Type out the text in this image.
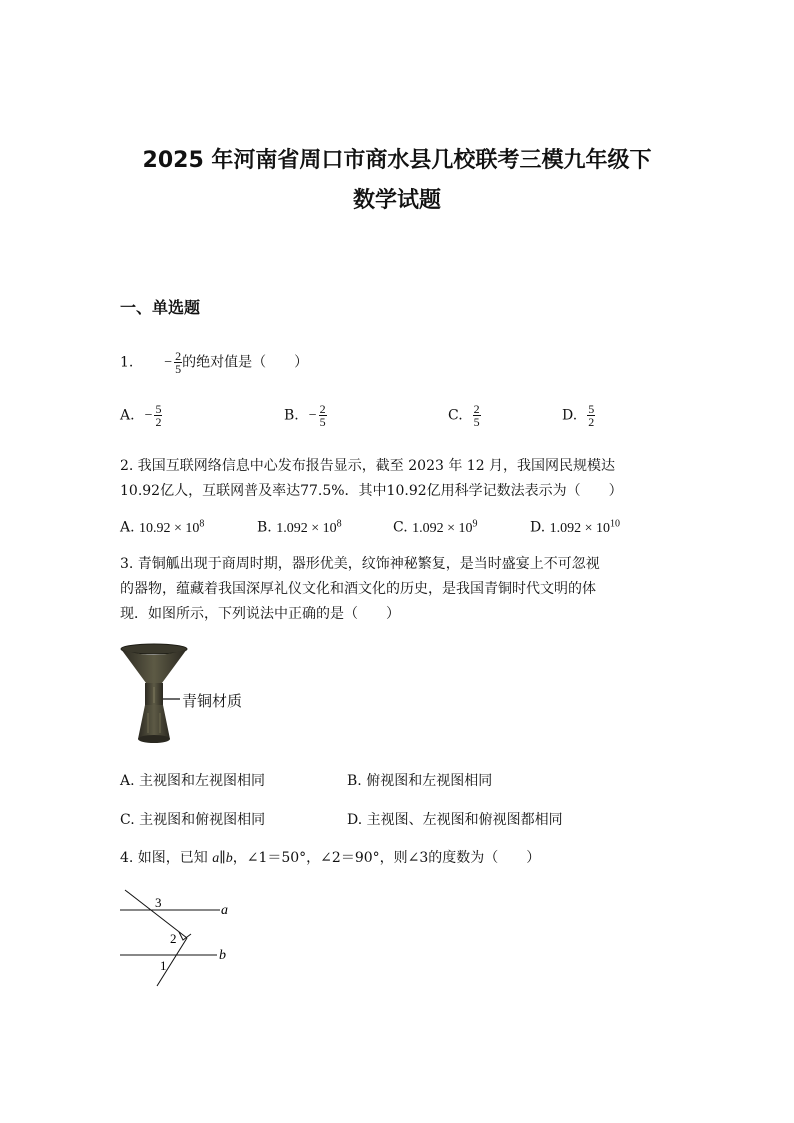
2025 年河南省周口市商水县几校联考三模九年级下
数学试题
一、单选题
1. − $\frac{2}{5}$ 的绝对值是（　　）
A. − $\frac{5}{2}$	B. − $\frac{2}{5}$	C. $\frac{2}{5}$	D. $\frac{5}{2}$
2. 我国互联网络信息中心发布报告显示，截至 2023 年 12 月，我国网民规模达
10.92亿人，互联网普及率达77.5%．其中10.92亿用科学记数法表示为（　　）
A. $10.92 \times 10^8$	B. $1.092 \times 10^8$	C. $1.092 \times 10^9$	D. $1.092 \times 10^{10}$
3. 青铜觚出现于商周时期，器形优美，纹饰神秘繁复，是当时盛宴上不可忽视
的器物，蕴藏着我国深厚礼仪文化和酒文化的历史，是我国青铜时代文明的体
现．如图所示，下列说法中正确的是（　　）
青铜材质
A. 主视图和左视图相同	B. 俯视图和左视图相同
C. 主视图和俯视图相同	D. 主视图、左视图和俯视图都相同
4. 如图，已知 a∥b，∠1＝50°，∠2＝90°，则∠3的度数为（　　）
3
2
1
a
b
